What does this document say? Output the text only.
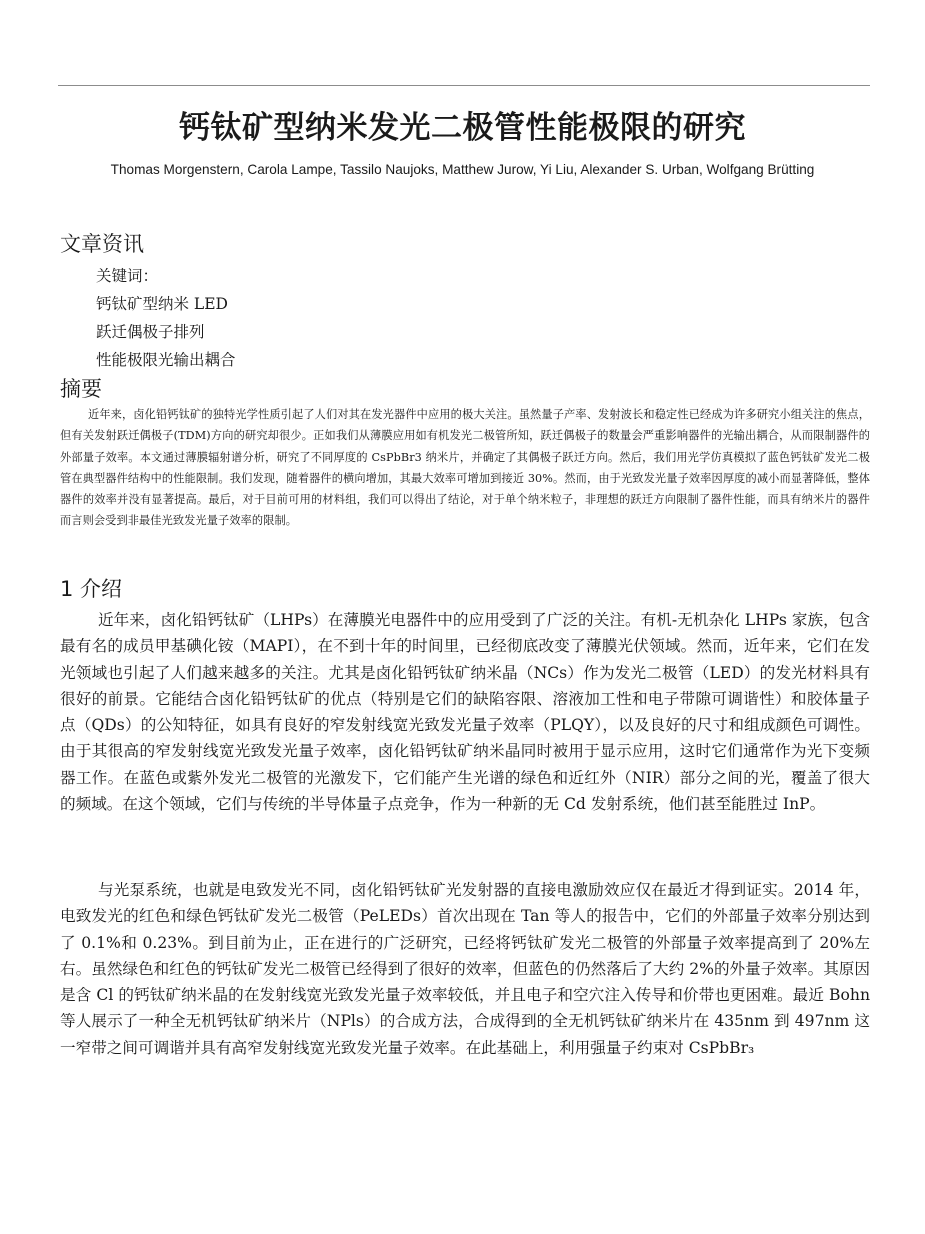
钙钛矿型纳米发光二极管性能极限的研究

Thomas Morgenstern, Carola Lampe, Tassilo Naujoks, Matthew Jurow, Yi Liu, Alexander S. Urban, Wolfgang Brütting

文章资讯
关键词：
钙钛矿型纳米 LED
跃迁偶极子排列
性能极限光输出耦合
摘要

近年来，卤化铅钙钛矿的独特光学性质引起了人们对其在发光器件中应用的极大关注。虽然量子产率、发射波长和稳定性已经成为许多研究小组关注的焦点，但有关发射跃迁偶极子(TDM)方向的研究却很少。正如我们从薄膜应用如有机发光二极管所知，跃迁偶极子的数量会严重影响器件的光输出耦合，从而限制器件的外部量子效率。本文通过薄膜辐射谱分析，研究了不同厚度的 CsPbBr3 纳米片，并确定了其偶极子跃迁方向。然后，我们用光学仿真模拟了蓝色钙钛矿发光二极管在典型器件结构中的性能限制。我们发现，随着器件的横向增加，其最大效率可增加到接近 30%。然而，由于光致发光量子效率因厚度的减小而显著降低，整体器件的效率并没有显著提高。最后，对于目前可用的材料组，我们可以得出了结论，对于单个纳米粒子，非理想的跃迁方向限制了器件性能，而具有纳米片的器件而言则会受到非最佳光致发光量子效率的限制。

1 介绍

近年来，卤化铅钙钛矿（LHPs）在薄膜光电器件中的应用受到了广泛的关注。有机-无机杂化 LHPs 家族，包含最有名的成员甲基碘化铵（MAPI），在不到十年的时间里，已经彻底改变了薄膜光伏领域。然而，近年来，它们在发光领域也引起了人们越来越多的关注。尤其是卤化铅钙钛矿纳米晶（NCs）作为发光二极管（LED）的发光材料具有很好的前景。它能结合卤化铅钙钛矿的优点（特别是它们的缺陷容限、溶液加工性和电子带隙可调谐性）和胶体量子点（QDs）的公知特征，如具有良好的窄发射线宽光致发光量子效率（PLQY），以及良好的尺寸和组成颜色可调性。由于其很高的窄发射线宽光致发光量子效率，卤化铅钙钛矿纳米晶同时被用于显示应用，这时它们通常作为光下变频器工作。在蓝色或紫外发光二极管的光激发下，它们能产生光谱的绿色和近红外（NIR）部分之间的光，覆盖了很大的频域。在这个领域，它们与传统的半导体量子点竞争，作为一种新的无 Cd 发射系统，他们甚至能胜过 InP。

与光泵系统，也就是电致发光不同，卤化铅钙钛矿光发射器的直接电激励效应仅在最近才得到证实。2014 年，电致发光的红色和绿色钙钛矿发光二极管（PeLEDs）首次出现在 Tan 等人的报告中，它们的外部量子效率分别达到了 0.1%和 0.23%。到目前为止，正在进行的广泛研究，已经将钙钛矿发光二极管的外部量子效率提高到了 20%左右。虽然绿色和红色的钙钛矿发光二极管已经得到了很好的效率，但蓝色的仍然落后了大约 2%的外量子效率。其原因是含 Cl 的钙钛矿纳米晶的在发射线宽光致发光量子效率较低，并且电子和空穴注入传导和价带也更困难。最近 Bohn 等人展示了一种全无机钙钛矿纳米片（NPls）的合成方法，合成得到的全无机钙钛矿纳米片在 435nm 到 497nm 这一窄带之间可调谐并具有高窄发射线宽光致发光量子效率。在此基础上，利用强量子约束对 CsPbBr₃
